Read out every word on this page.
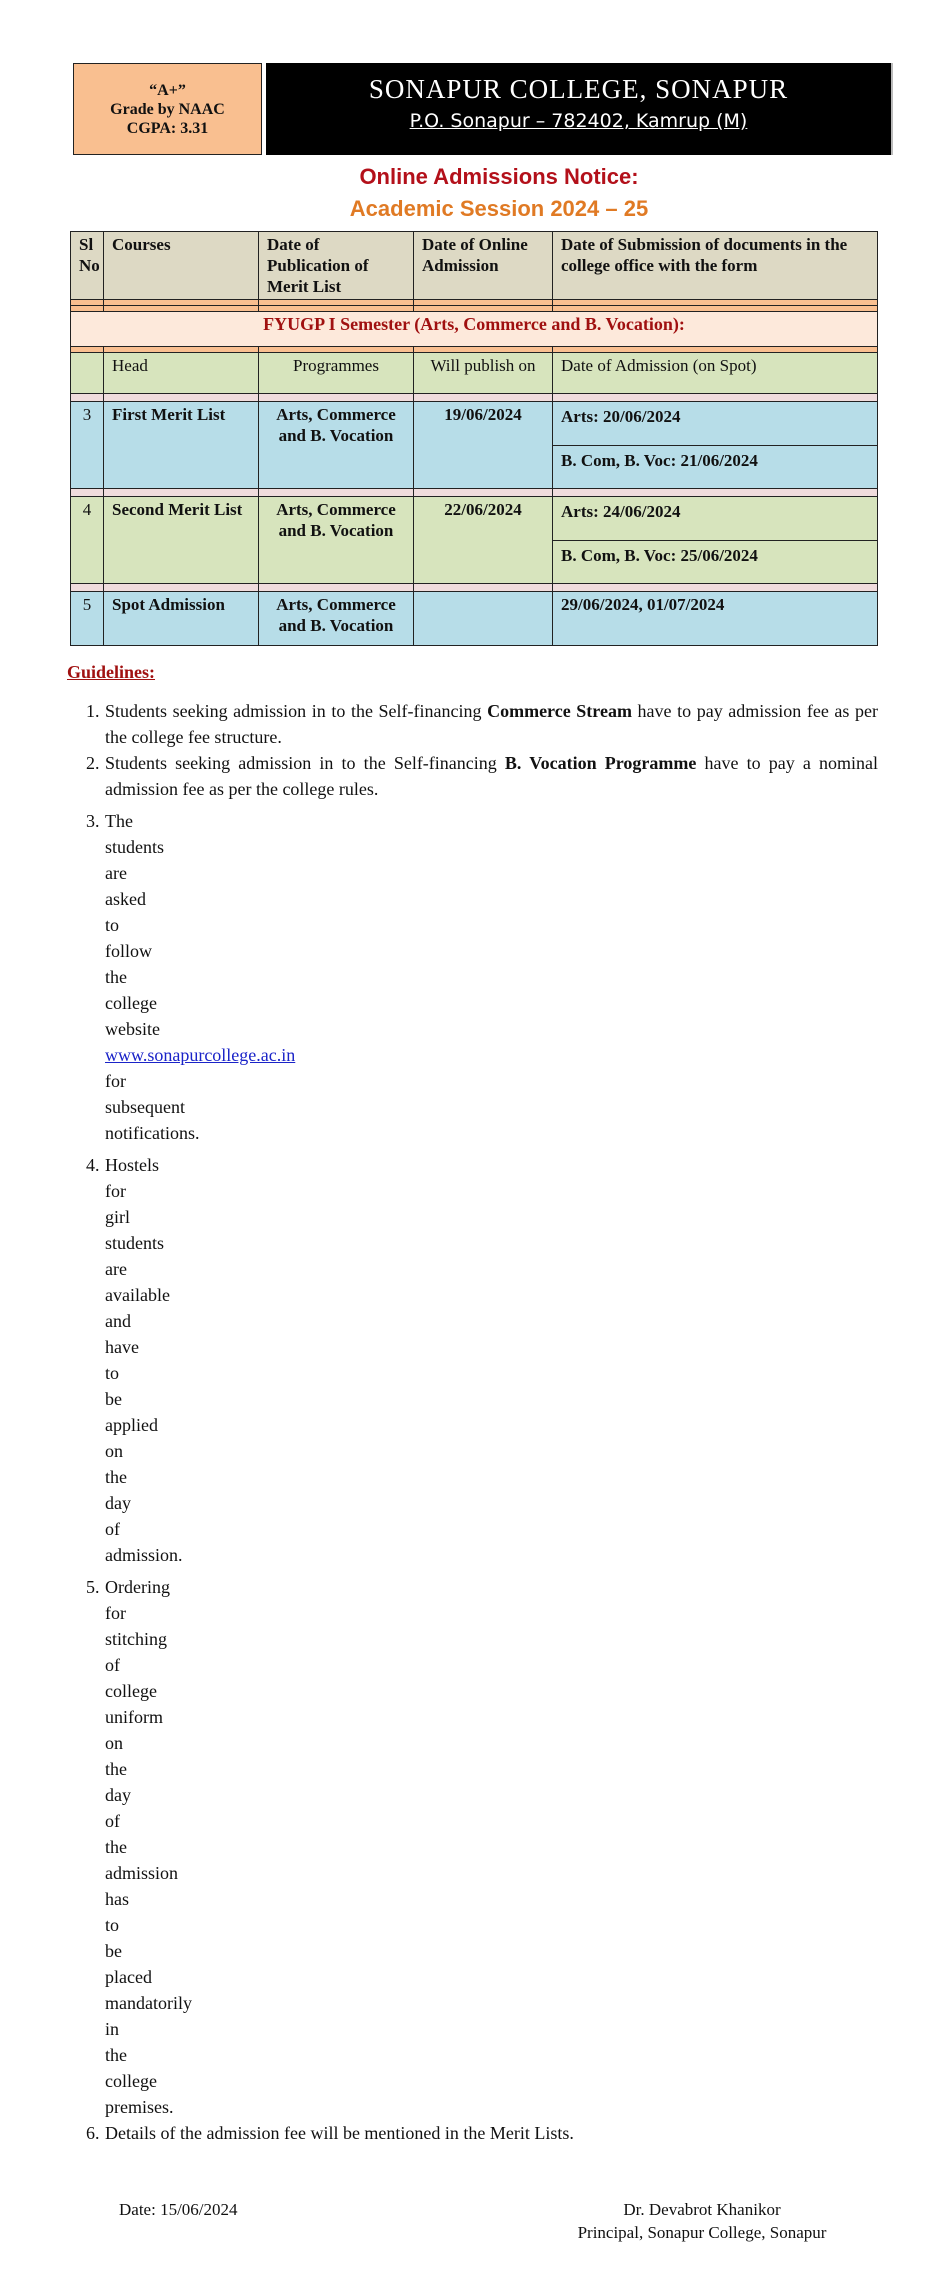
“A+”
Grade by NAAC
CGPA: 3.31
SONAPUR COLLEGE, SONAPUR
P.O. Sonapur – 782402, Kamrup (M)
Online Admissions Notice:
Academic Session 2024 – 25
Sl No	Courses	Date of Publication of Merit List	Date of Online Admission	Date of Submission of documents in the college office with the form

FYUGP I Semester (Arts, Commerce and B. Vocation):				

	Head	Programmes	Will publish on	Date of Admission (on Spot)

3	First Merit List	Arts, Commerce and B. Vocation	19/06/2024	Arts: 20/06/2024
B. Com, B. Voc: 21/06/2024

4	Second Merit List	Arts, Commerce and B. Vocation	22/06/2024	Arts: 24/06/2024
B. Com, B. Voc: 25/06/2024

5	Spot Admission	Arts, Commerce and B. Vocation		29/06/2024, 01/07/2024
Guidelines:
1. Students seeking admission in to the Self-financing Commerce Stream have to pay admission fee as per the college fee structure.
2. Students seeking admission in to the Self-financing B. Vocation Programme have to pay a nominal admission fee as per the college rules.
3. The students are asked to follow the college website www.sonapurcollege.ac.in for subsequent notifications.
4. Hostels for girl students are available and have to be applied on the day of admission.
5. Ordering for stitching of college uniform on the day of the admission has to be placed mandatorily in the college premises.
6. Details of the admission fee will be mentioned in the Merit Lists.
Date: 15/06/2024	Dr. Devabrot Khanikor
Principal, Sonapur College, Sonapur
